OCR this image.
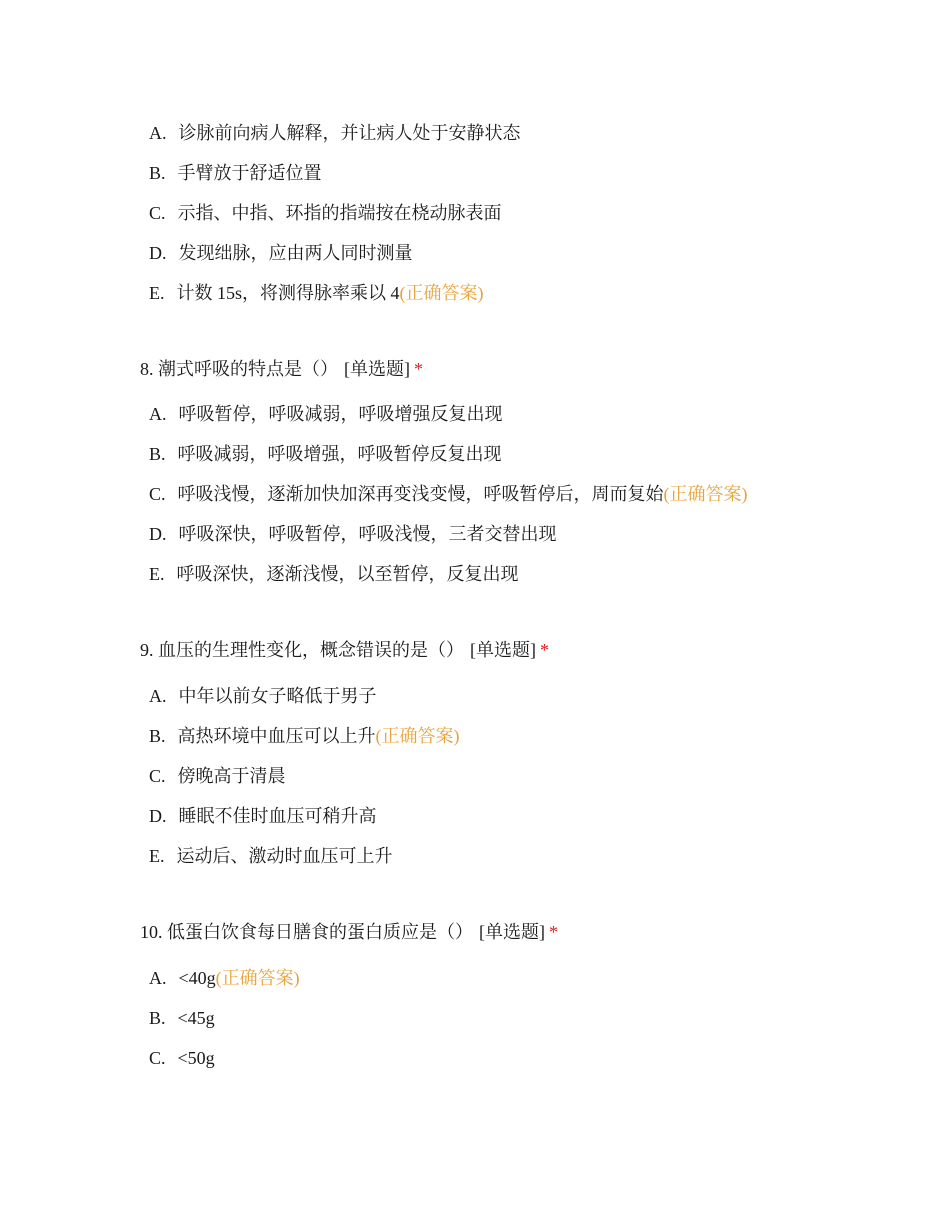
A. 诊脉前向病人解释，并让病人处于安静状态
B. 手臂放于舒适位置
C. 示指、中指、环指的指端按在桡动脉表面
D. 发现绌脉，应由两人同时测量
E. 计数 15s，将测得脉率乘以 4(正确答案)
8. 潮式呼吸的特点是（） [单选题] *
A. 呼吸暂停，呼吸减弱，呼吸增强反复出现
B. 呼吸减弱，呼吸增强，呼吸暂停反复出现
C. 呼吸浅慢，逐渐加快加深再变浅变慢，呼吸暂停后，周而复始(正确答案)
D. 呼吸深快，呼吸暂停，呼吸浅慢，三者交替出现
E. 呼吸深快，逐渐浅慢，以至暂停，反复出现
9. 血压的生理性变化，概念错误的是（） [单选题] *
A. 中年以前女子略低于男子
B. 高热环境中血压可以上升(正确答案)
C. 傍晚高于清晨
D. 睡眠不佳时血压可稍升高
E. 运动后、激动时血压可上升
10. 低蛋白饮食每日膳食的蛋白质应是（） [单选题] *
A. <40g(正确答案)
B. <45g
C. <50g
